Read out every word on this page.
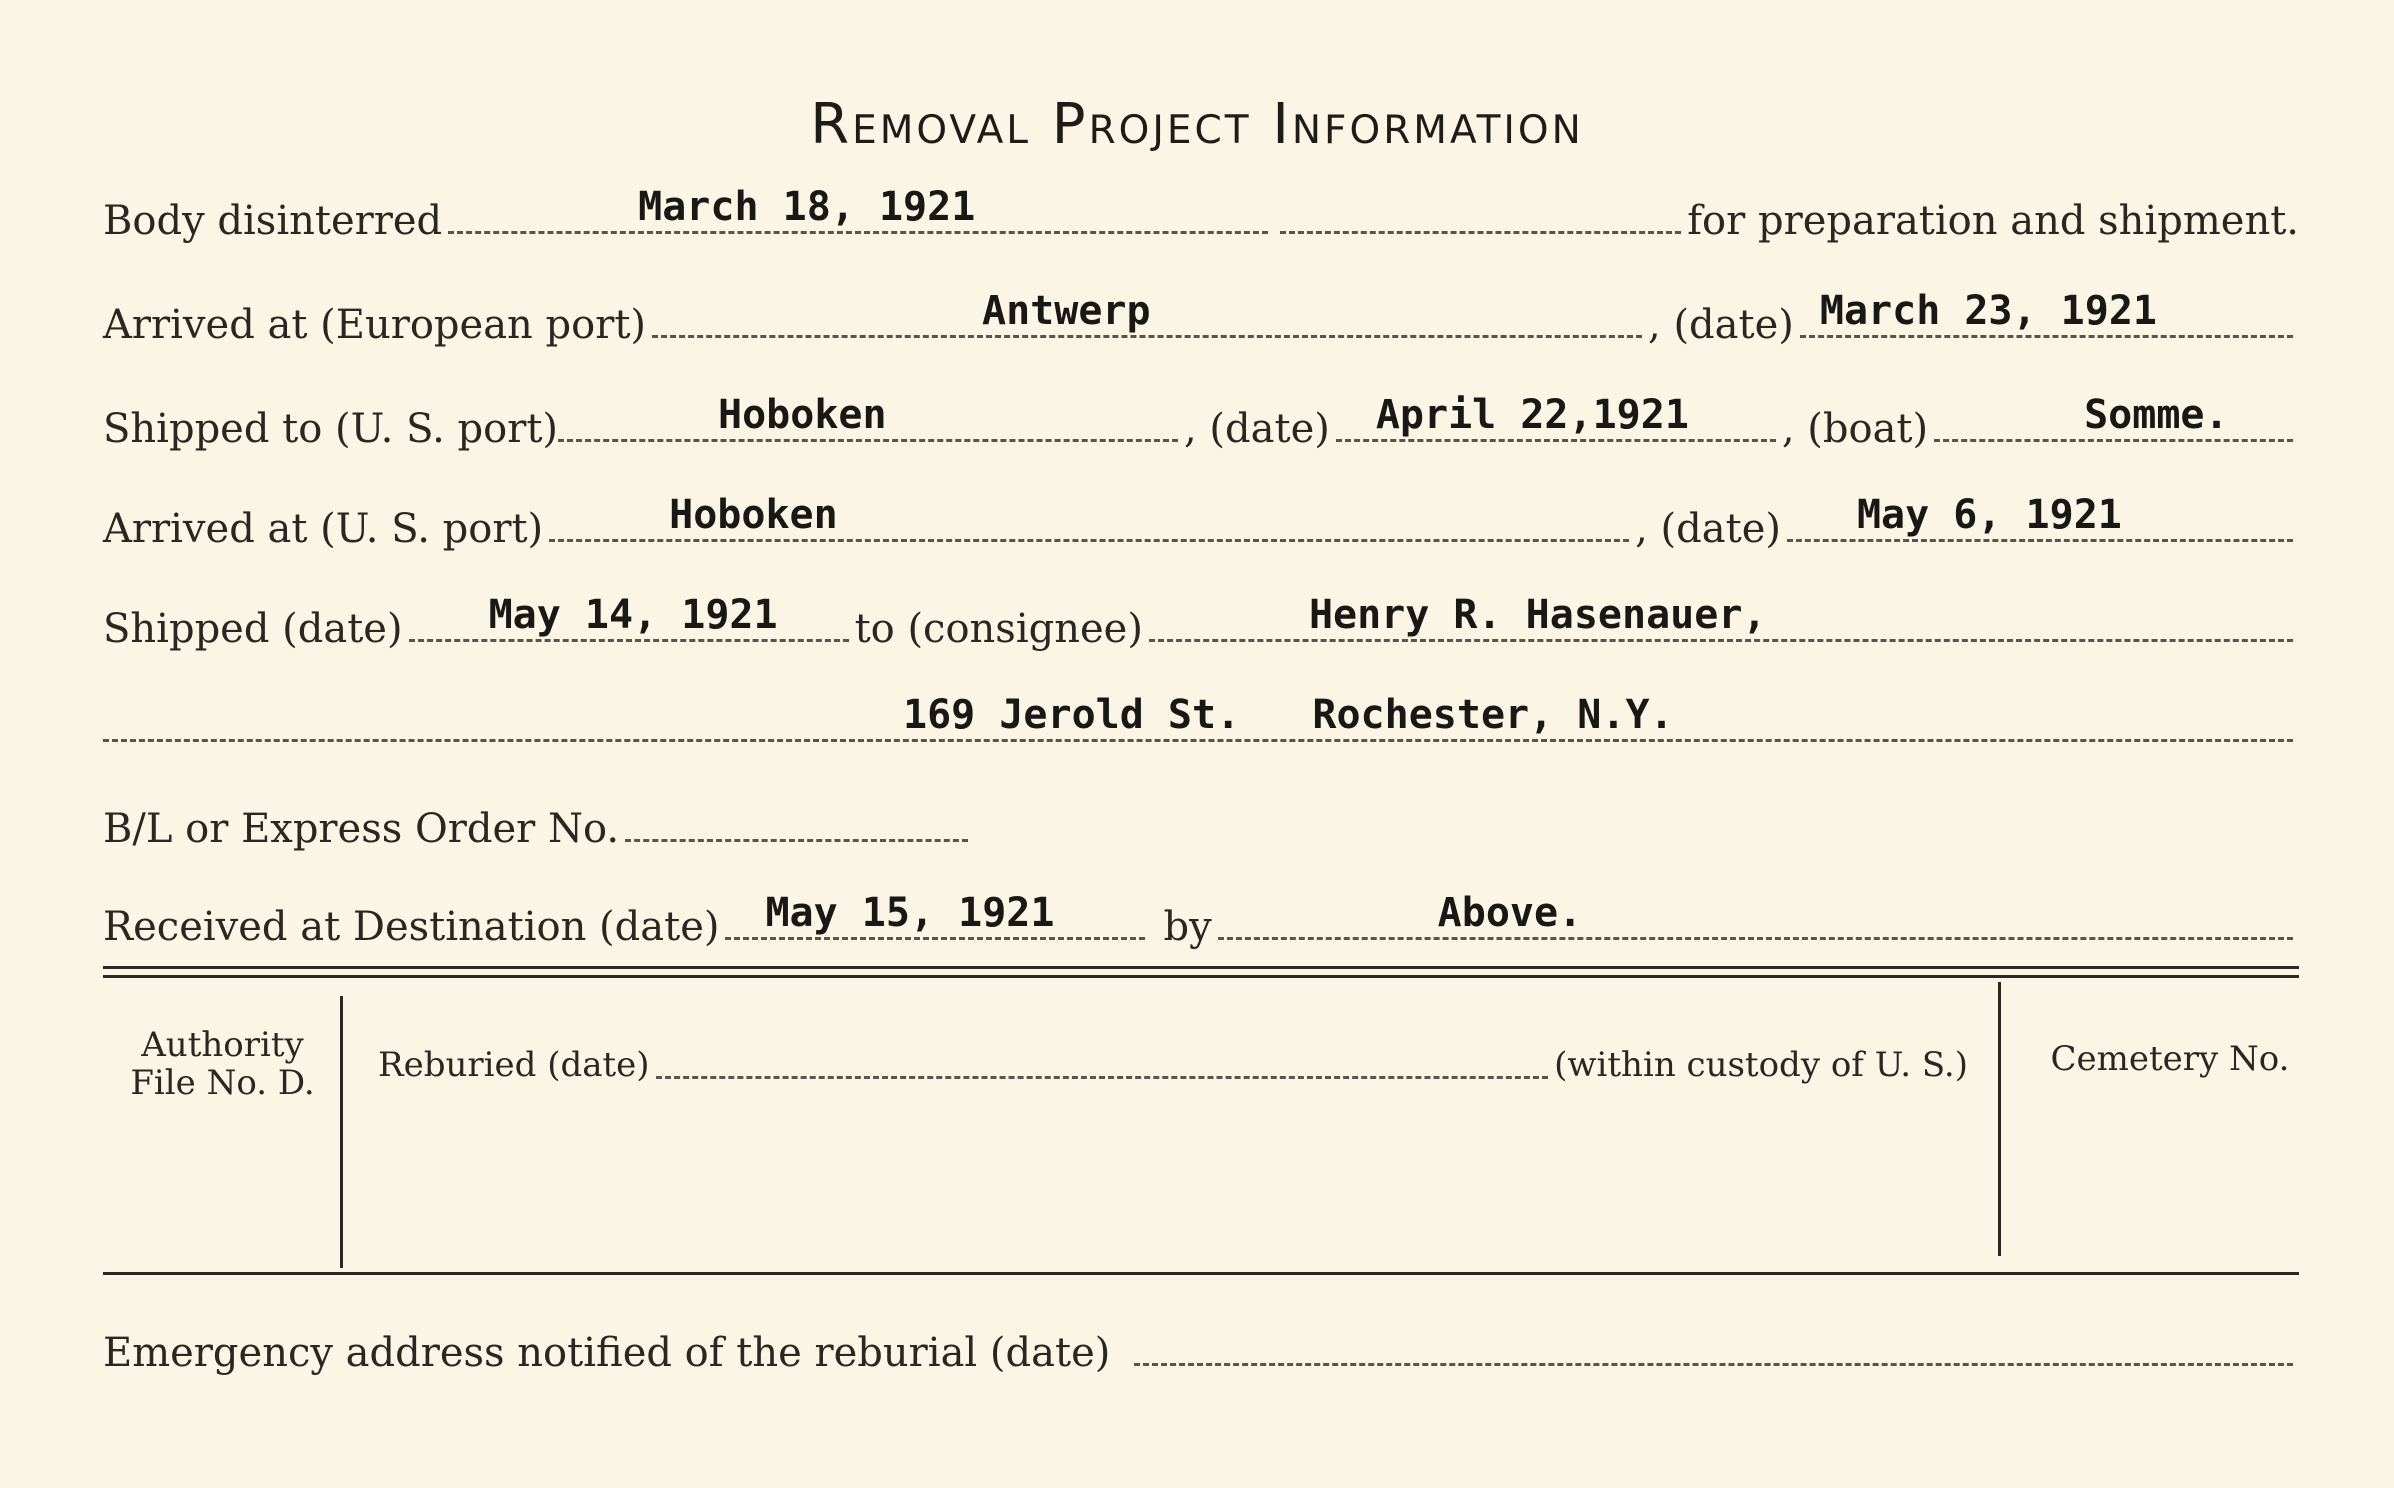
Removal Project Information
Body disinterred	March 18, 1921	for preparation and shipment.
Arrived at (European port)	Antwerp	, (date) March 23, 1921
Shipped to (U. S. port)	Hoboken	, (date) April 22,1921	, (boat)	Somme.
Arrived at (U. S. port)	Hoboken	, (date) May 6, 1921
Shipped (date) May 14, 1921	to (consignee)	Henry R. Hasenauer,
169 Jerold St.   Rochester, N.Y.
B/L or Express Order No.
Received at Destination (date) May 15, 1921	by	Above.
Authority File No. D.	Reburied (date)	(within custody of U. S.)	Cemetery No.
Emergency address notified of the reburial (date)
